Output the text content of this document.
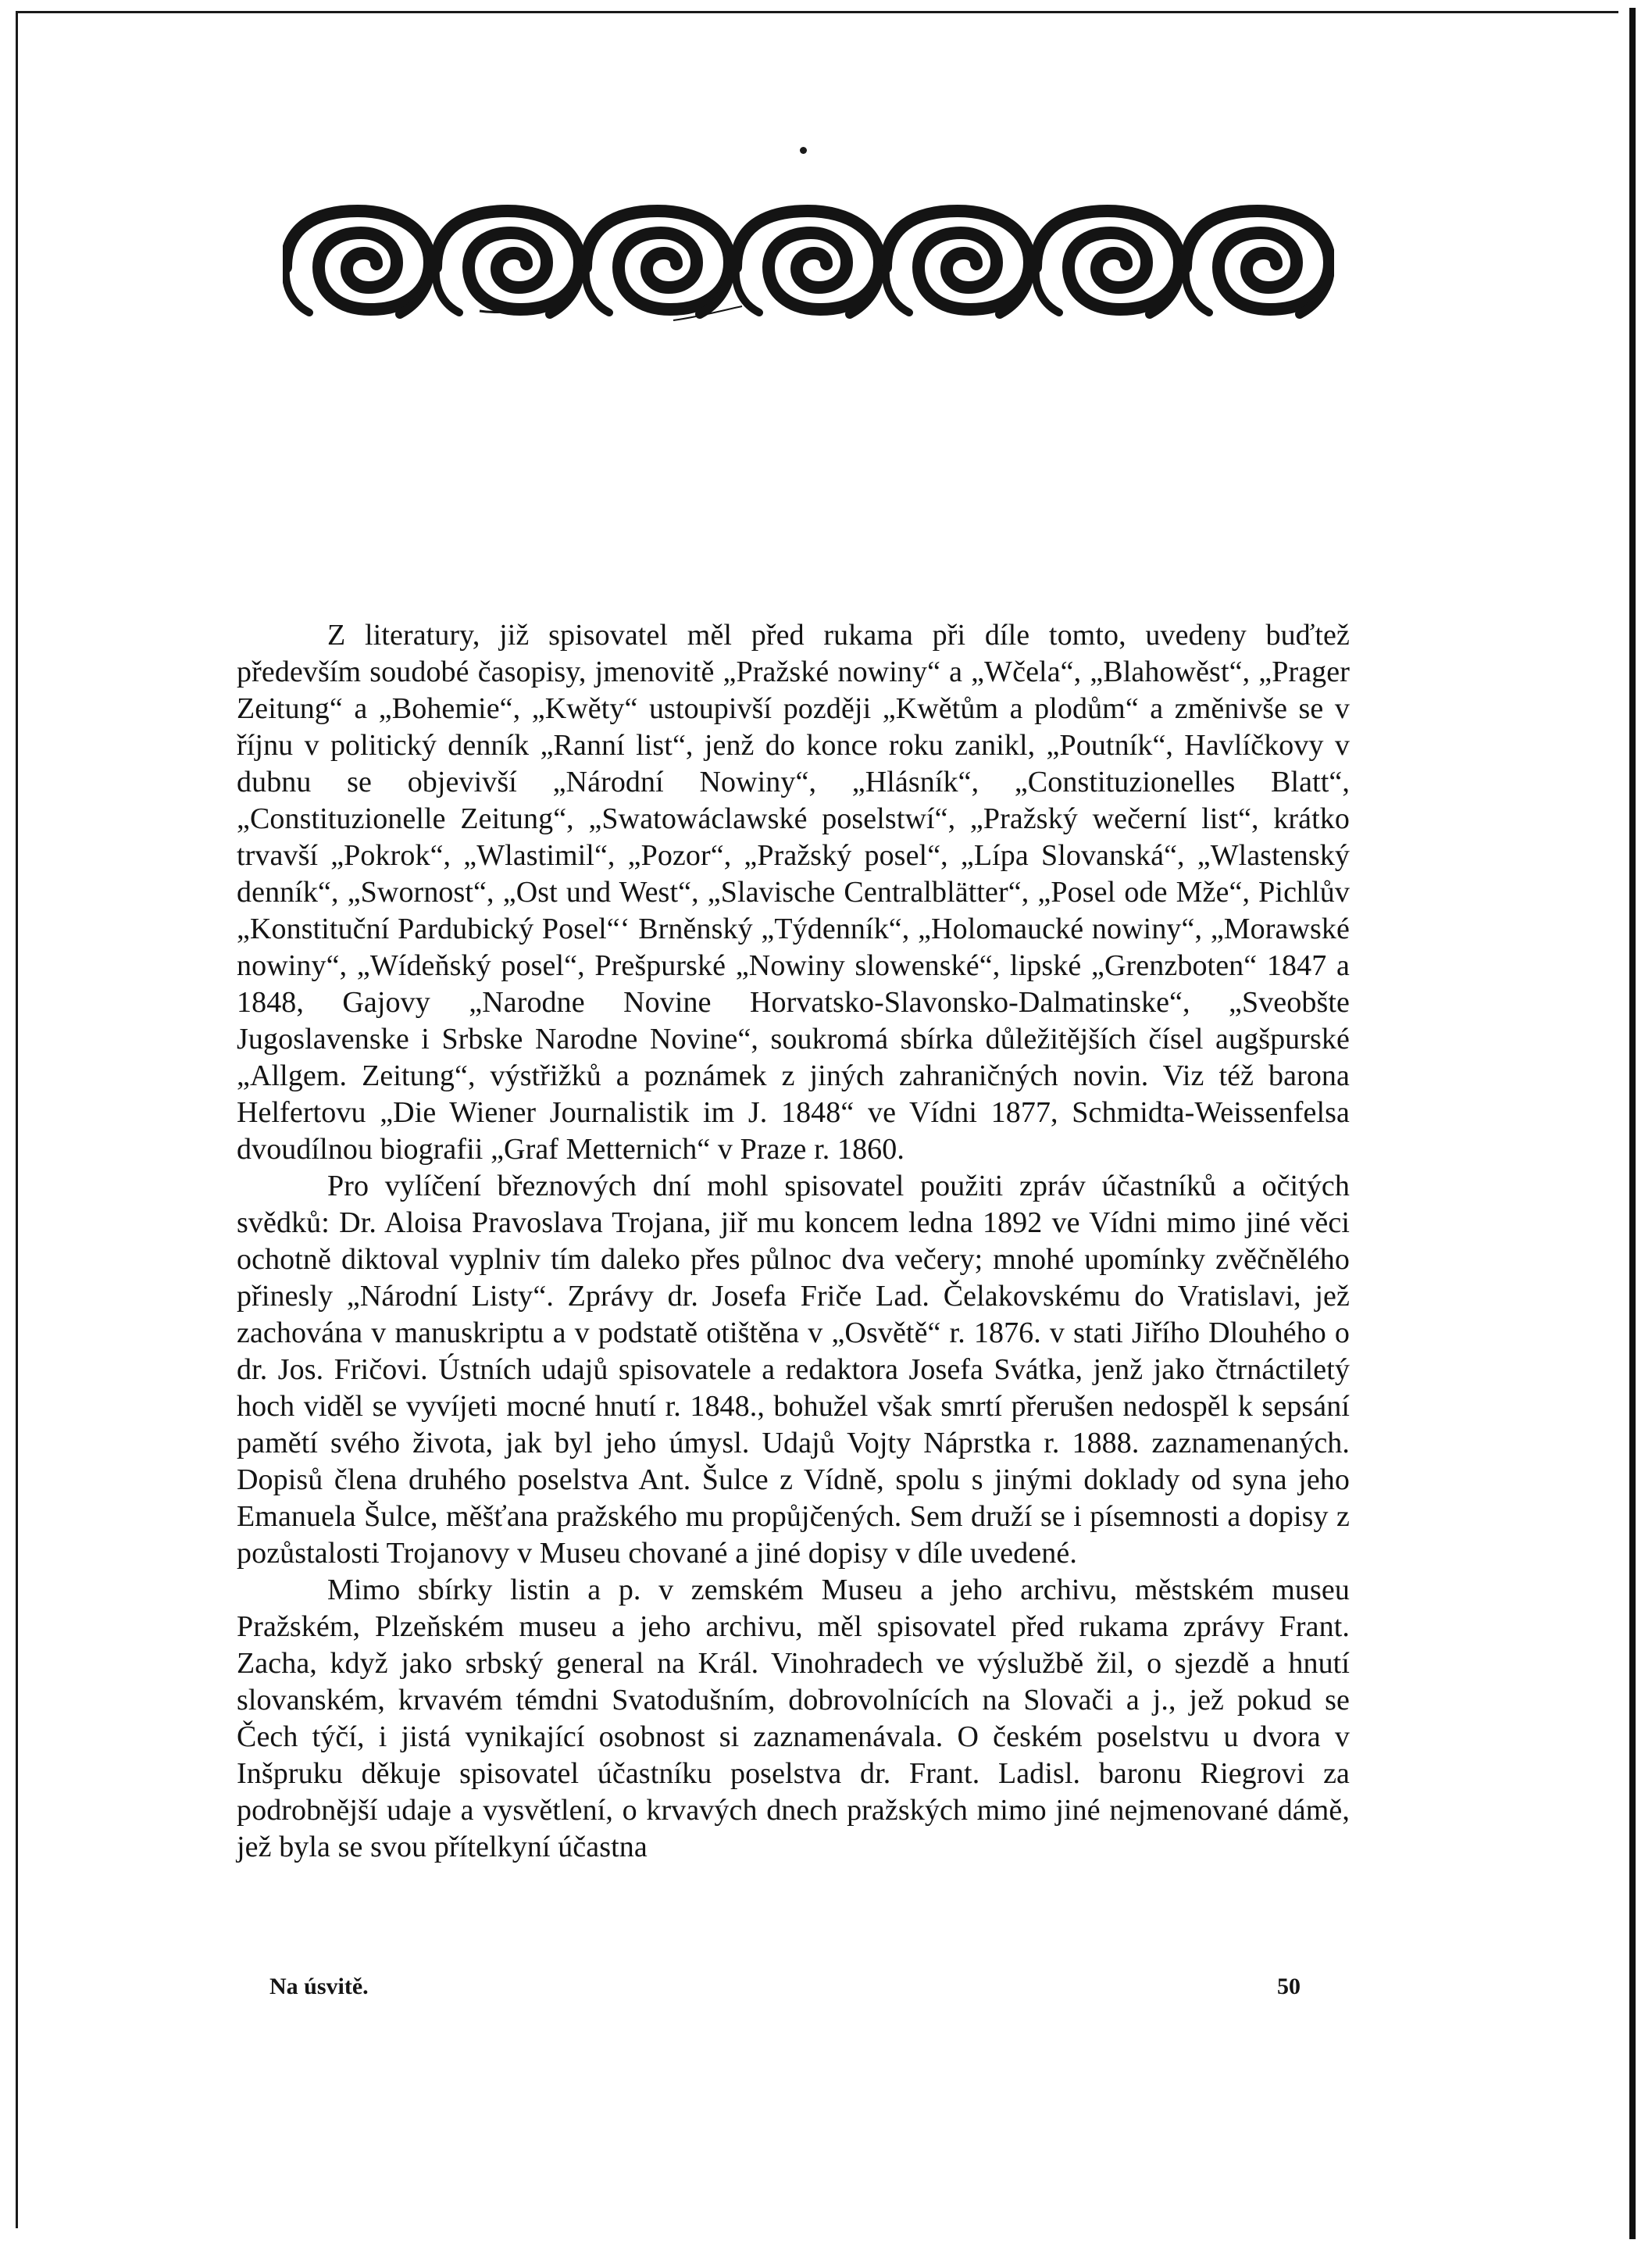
Z literatury, již spisovatel měl před rukama při díle tomto, uvedeny buďtež především soudobé časopisy, jmenovitě „Pražské nowiny“ a „Wčela“, „Blahowěst“, „Prager Zeitung“ a „Bohemie“, „Kwěty“ ustoupivší později „Kwětům a plodům“ a změnivše se v říjnu v politický denník „Ranní list“, jenž do konce roku zanikl, „Poutník“, Havlíčkovy v dubnu se objevivší „Národní Nowiny“, „Hlásník“, „Constituzionelles Blatt“, „Constituzionelle Zeitung“, „Swatowáclawské poselstwí“, „Pražský wečerní list“, krátko trvavší „Pokrok“, „Wlastimil“, „Pozor“, „Pražský posel“, „Lípa Slovanská“, „Wlastenský denník“, „Swornost“, „Ost und West“, „Slavische Centralblätter“, „Posel ode Mže“, Pichlův „Konstituční Pardubický Posel“‘ Brněnský „Týdenník“, „Holomaucké nowiny“, „Morawské nowiny“, „Wídeňský posel“, Prešpurské „Nowiny slowenské“, lipské „Grenzboten“ 1847 a 1848, Gajovy „Narodne Novine Horvatsko-Slavonsko-Dalmatinske“, „Sveobšte Jugoslavenske i Srbske Narodne Novine“, soukromá sbírka důležitějších čísel augšpurské „Allgem. Zeitung“, výstřižků a poznámek z jiných zahraničných novin. Viz též barona Helfertovu „Die Wiener Journalistik im J. 1848“ ve Vídni 1877, Schmidta-Weissenfelsa dvoudílnou biografii „Graf Metternich“ v Praze r. 1860.

Pro vylíčení březnových dní mohl spisovatel použiti zpráv účastníků a očitých svědků: Dr. Aloisa Pravoslava Trojana, jiř mu koncem ledna 1892 ve Vídni mimo jiné věci ochotně diktoval vyplniv tím daleko přes půlnoc dva večery; mnohé upomínky zvěčnělého přinesly „Národní Listy“. Zprávy dr. Josefa Friče Lad. Čelakovskému do Vratislavi, jež zachována v manuskriptu a v podstatě otištěna v „Osvětě“ r. 1876. v stati Jiřího Dlouhého o dr. Jos. Fričovi. Ústních udajů spisovatele a redaktora Josefa Svátka, jenž jako čtrnáctiletý hoch viděl se vyvíjeti mocné hnutí r. 1848., bohužel však smrtí přerušen nedospěl k sepsání pamětí svého života, jak byl jeho úmysl. Udajů Vojty Náprstka r. 1888. zaznamenaných. Dopisů člena druhého poselstva Ant. Šulce z Vídně, spolu s jinými doklady od syna jeho Emanuela Šulce, měšťana pražského mu propůjčených. Sem druží se i písemnosti a dopisy z pozůstalosti Trojanovy v Museu chované a jiné dopisy v díle uvedené.

Mimo sbírky listin a p. v zemském Museu a jeho archivu, městském museu Pražském, Plzeňském museu a jeho archivu, měl spisovatel před rukama zprávy Frant. Zacha, když jako srbský general na Král. Vinohradech ve výslužbě žil, o sjezdě a hnutí slovanském, krvavém témdni Svatodušním, dobrovolnících na Slovači a j., jež pokud se Čech týčí, i jistá vynikající osobnost si zaznamenávala. O českém poselstvu u dvora v Inšpruku děkuje spisovatel účastníku poselstva dr. Frant. Ladisl. baronu Riegrovi za podrobnější udaje a vysvětlení, o krvavých dnech pražských mimo jiné nejmenované dámě, jež byla se svou přítelkyní účastna

Na úsvitě.	50
